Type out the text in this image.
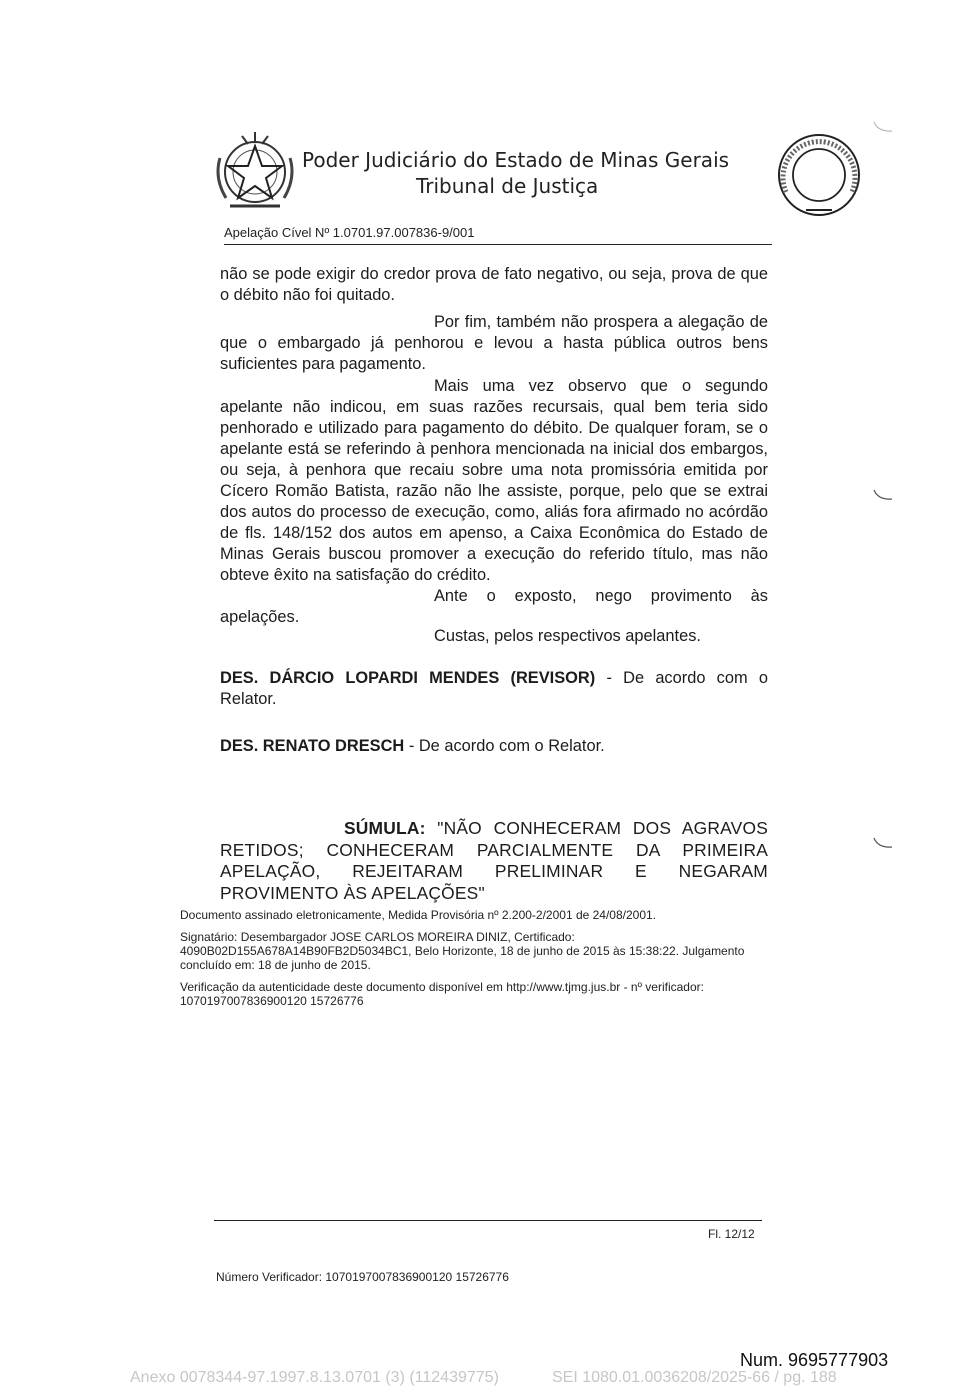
Poder Judiciário do Estado de Minas Gerais
Tribunal de Justiça
Apelação Cível Nº 1.0701.97.007836-9/001
não se pode exigir do credor prova de fato negativo, ou seja, prova de que o débito não foi quitado.
Por fim, também não prospera a alegação de que o embargado já penhorou e levou a hasta pública outros bens suficientes para pagamento.
Mais uma vez observo que o segundo apelante não indicou, em suas razões recursais, qual bem teria sido penhorado e utilizado para pagamento do débito. De qualquer foram, se o apelante está se referindo à penhora mencionada na inicial dos embargos, ou seja, à penhora que recaiu sobre uma nota promissória emitida por Cícero Romão Batista, razão não lhe assiste, porque, pelo que se extrai dos autos do processo de execução, como, aliás fora afirmado no acórdão de fls. 148/152 dos autos em apenso, a Caixa Econômica do Estado de Minas Gerais buscou promover a execução do referido título, mas não obteve êxito na satisfação do crédito.
Ante o exposto, nego provimento às apelações.
Custas, pelos respectivos apelantes.
DES. DÁRCIO LOPARDI MENDES (REVISOR) - De acordo com o Relator.
DES. RENATO DRESCH - De acordo com o Relator.
SÚMULA: "NÃO CONHECERAM DOS AGRAVOS RETIDOS; CONHECERAM PARCIALMENTE DA PRIMEIRA APELAÇÃO, REJEITARAM PRELIMINAR E NEGARAM PROVIMENTO ÀS APELAÇÕES"
Documento assinado eletronicamente, Medida Provisória nº 2.200-2/2001 de 24/08/2001.
Signatário: Desembargador JOSE CARLOS MOREIRA DINIZ, Certificado: 4090B02D155A678A14B90FB2D5034BC1, Belo Horizonte, 18 de junho de 2015 às 15:38:22. Julgamento concluído em: 18 de junho de 2015.
Verificação da autenticidade deste documento disponível em http://www.tjmg.jus.br - nº verificador: 1070197007836900120 15726776
Fl. 12/12
Número Verificador: 1070197007836900120 15726776
Num. 9695777903
Anexo 0078344-97.1997.8.13.0701 (3) (112439775)	SEI 1080.01.0036208/2025-66 / pg. 188
